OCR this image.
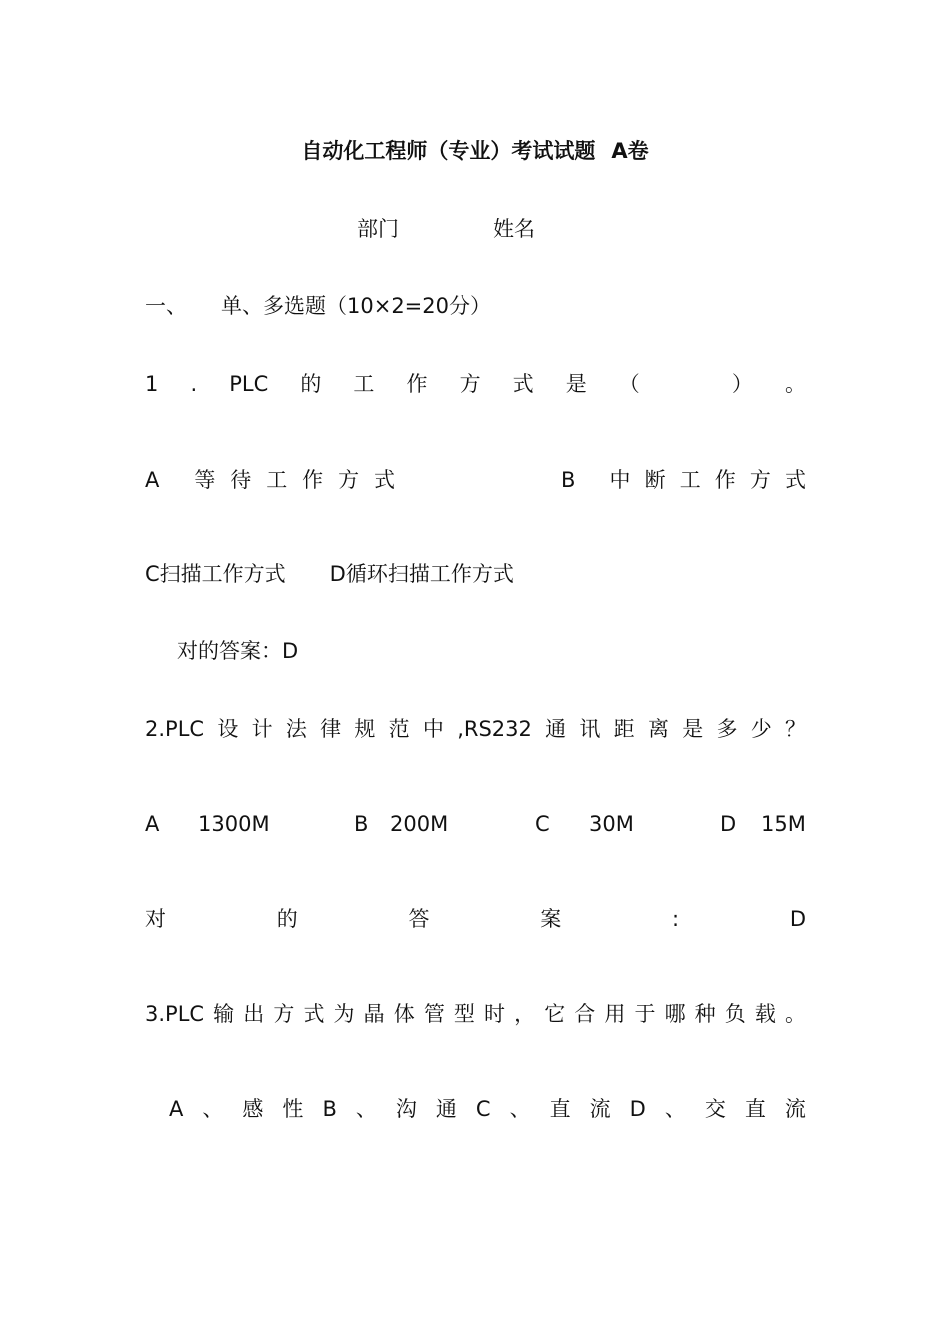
自动化工程师（专业）考试试题 A卷
部门	姓名
一、 单、多选题（10×2=20分）
1 . PLC 的 工 作 方 式 是 （	） 。
A 等 待 工 作 方 式	B 中 断 工 作 方 式
C扫描工作方式 D循环扫描工作方式
对的答案：D
2.PLC 设 计 法 律 规 范 中 ,RS232 通 讯 距 离 是 多 少 ？
A 1300M	B 200M	C 30M	D 15M
对	的	答	案	:	D
3.PLC 输 出 方 式 为 晶 体 管 型 时 ， 它 合 用 于 哪 种 负 载 。
A 、 感 性 B 、 沟 通 C 、 直 流 D 、 交 直 流
